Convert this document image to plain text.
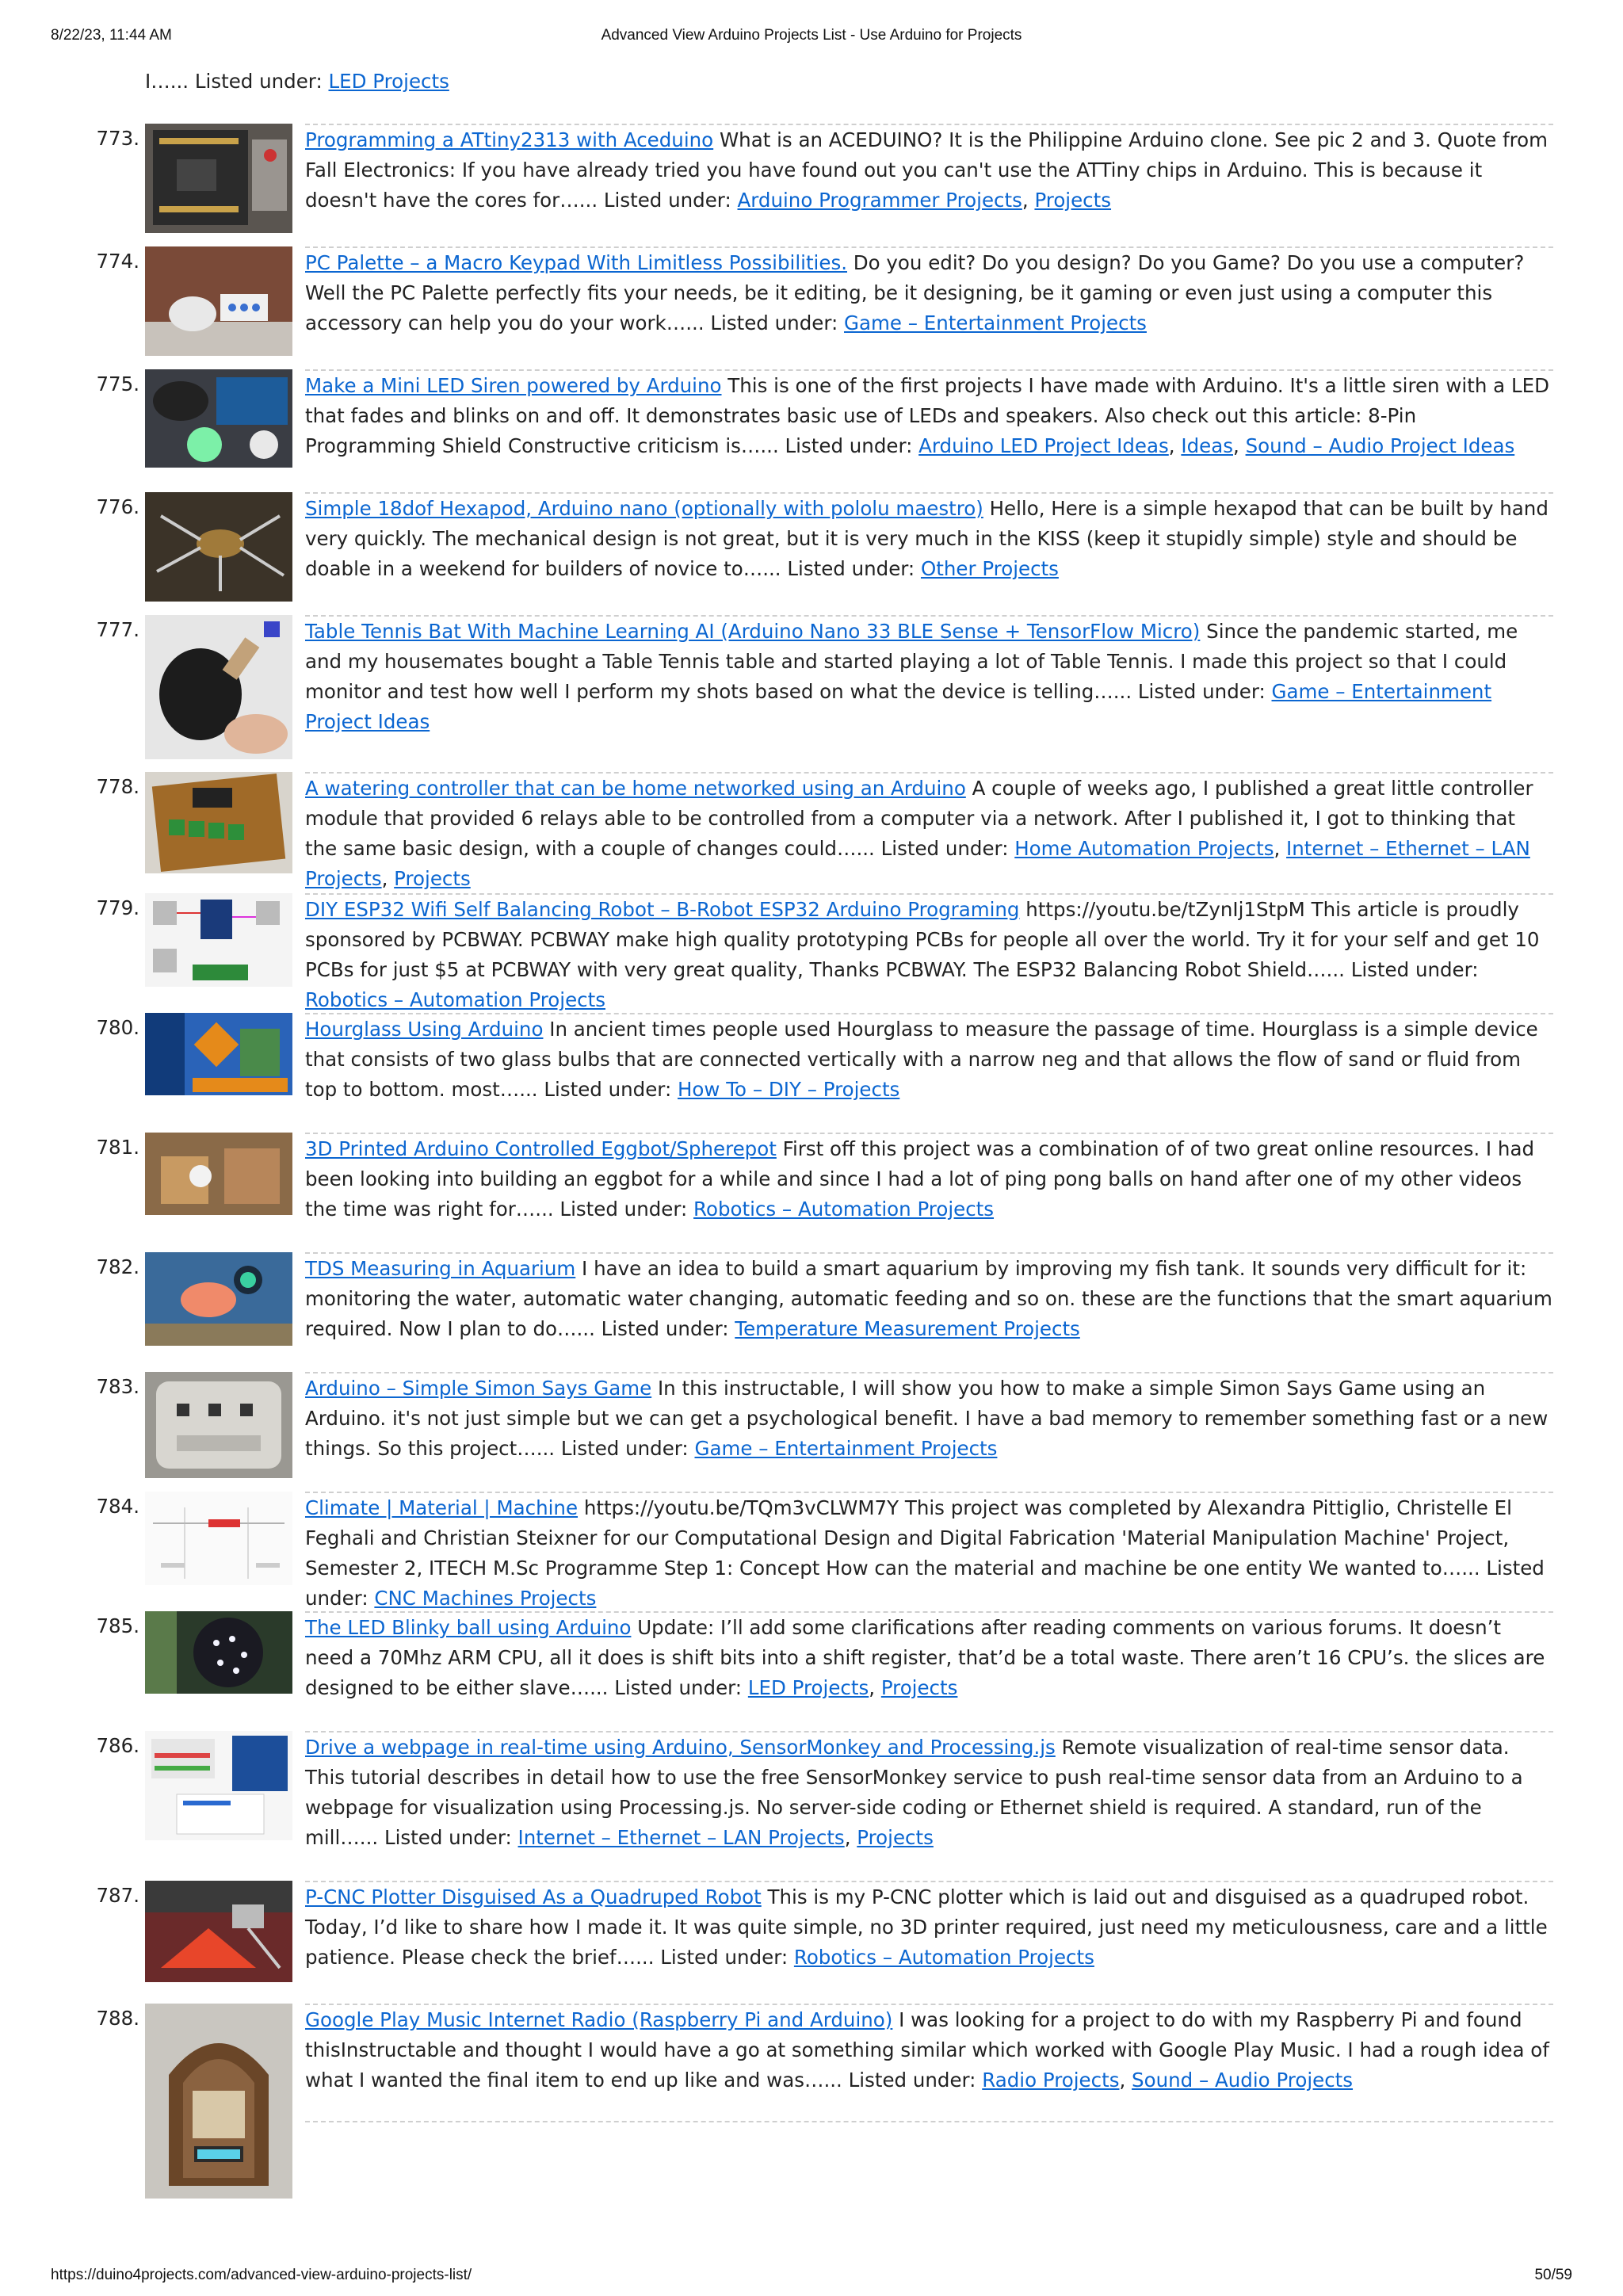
8/22/23, 11:44 AM	Advanced View Arduino Projects List - Use Arduino for Projects
I…... Listed under: LED Projects
773.	Programming a ATtiny2313 with Aceduino What is an ACEDUINO? It is the Philippine Arduino clone. See pic 2 and 3. Quote from Fall Electronics: If you have already tried you have found out you can't use the ATTiny chips in Arduino. This is because it doesn't have the cores for…... Listed under: Arduino Programmer Projects, Projects
774.	PC Palette – a Macro Keypad With Limitless Possibilities. Do you edit? Do you design? Do you Game? Do you use a computer? Well the PC Palette perfectly fits your needs, be it editing, be it designing, be it gaming or even just using a computer this accessory can help you do your work…... Listed under: Game – Entertainment Projects
775.	Make a Mini LED Siren powered by Arduino This is one of the first projects I have made with Arduino. It's a little siren with a LED that fades and blinks on and off. It demonstrates basic use of LEDs and speakers. Also check out this article: 8-Pin Programming Shield Constructive criticism is…... Listed under: Arduino LED Project Ideas, Ideas, Sound – Audio Project Ideas
776.	Simple 18dof Hexapod, Arduino nano (optionally with pololu maestro) Hello, Here is a simple hexapod that can be built by hand very quickly. The mechanical design is not great, but it is very much in the KISS (keep it stupidly simple) style and should be doable in a weekend for builders of novice to…... Listed under: Other Projects
777.	Table Tennis Bat With Machine Learning AI (Arduino Nano 33 BLE Sense + TensorFlow Micro) Since the pandemic started, me and my housemates bought a Table Tennis table and started playing a lot of Table Tennis. I made this project so that I could monitor and test how well I perform my shots based on what the device is telling…... Listed under: Game – Entertainment Project Ideas
778.	A watering controller that can be home networked using an Arduino A couple of weeks ago, I published a great little controller module that provided 6 relays able to be controlled from a computer via a network. After I published it, I got to thinking that the same basic design, with a couple of changes could…... Listed under: Home Automation Projects, Internet – Ethernet – LAN Projects, Projects
779.	DIY ESP32 Wifi Self Balancing Robot – B-Robot ESP32 Arduino Programing https://youtu.be/tZynIj1StpM This article is proudly sponsored by PCBWAY. PCBWAY make high quality prototyping PCBs for people all over the world. Try it for your self and get 10 PCBs for just $5 at PCBWAY with very great quality, Thanks PCBWAY. The ESP32 Balancing Robot Shield…... Listed under: Robotics – Automation Projects
780.	Hourglass Using Arduino In ancient times people used Hourglass to measure the passage of time. Hourglass is a simple device that consists of two glass bulbs that are connected vertically with a narrow neg and that allows the flow of sand or fluid from top to bottom. most…... Listed under: How To – DIY – Projects
781.	3D Printed Arduino Controlled Eggbot/Spherepot First off this project was a combination of of two great online resources. I had been looking into building an eggbot for a while and since I had a lot of ping pong balls on hand after one of my other videos the time was right for…... Listed under: Robotics – Automation Projects
782.	TDS Measuring in Aquarium I have an idea to build a smart aquarium by improving my fish tank. It sounds very difficult for it: monitoring the water, automatic water changing, automatic feeding and so on. these are the functions that the smart aquarium required. Now I plan to do…... Listed under: Temperature Measurement Projects
783.	Arduino – Simple Simon Says Game In this instructable, I will show you how to make a simple Simon Says Game using an Arduino. it's not just simple but we can get a psychological benefit. I have a bad memory to remember something fast or a new things. So this project…... Listed under: Game – Entertainment Projects
784.	Climate | Material | Machine https://youtu.be/TQm3vCLWM7Y This project was completed by Alexandra Pittiglio, Christelle El Feghali and Christian Steixner for our Computational Design and Digital Fabrication 'Material Manipulation Machine' Project, Semester 2, ITECH M.Sc Programme Step 1: Concept How can the material and machine be one entity We wanted to…... Listed under: CNC Machines Projects
785.	The LED Blinky ball using Arduino Update: I’ll add some clarifications after reading comments on various forums. It doesn’t need a 70Mhz ARM CPU, all it does is shift bits into a shift register, that’d be a total waste. There aren’t 16 CPU’s. the slices are designed to be either slave…... Listed under: LED Projects, Projects
786.	Drive a webpage in real-time using Arduino, SensorMonkey and Processing.js Remote visualization of real-time sensor data. This tutorial describes in detail how to use the free SensorMonkey service to push real-time sensor data from an Arduino to a webpage for visualization using Processing.js. No server-side coding or Ethernet shield is required. A standard, run of the mill…... Listed under: Internet – Ethernet – LAN Projects, Projects
787.	P-CNC Plotter Disguised As a Quadruped Robot This is my P-CNC plotter which is laid out and disguised as a quadruped robot. Today, I’d like to share how I made it. It was quite simple, no 3D printer required, just need my meticulousness, care and a little patience. Please check the brief…... Listed under: Robotics – Automation Projects
788.	Google Play Music Internet Radio (Raspberry Pi and Arduino) I was looking for a project to do with my Raspberry Pi and found thisInstructable and thought I would have a go at something similar which worked with Google Play Music. I had a rough idea of what I wanted the final item to end up like and was…... Listed under: Radio Projects, Sound – Audio Projects
https://duino4projects.com/advanced-view-arduino-projects-list/	50/59
